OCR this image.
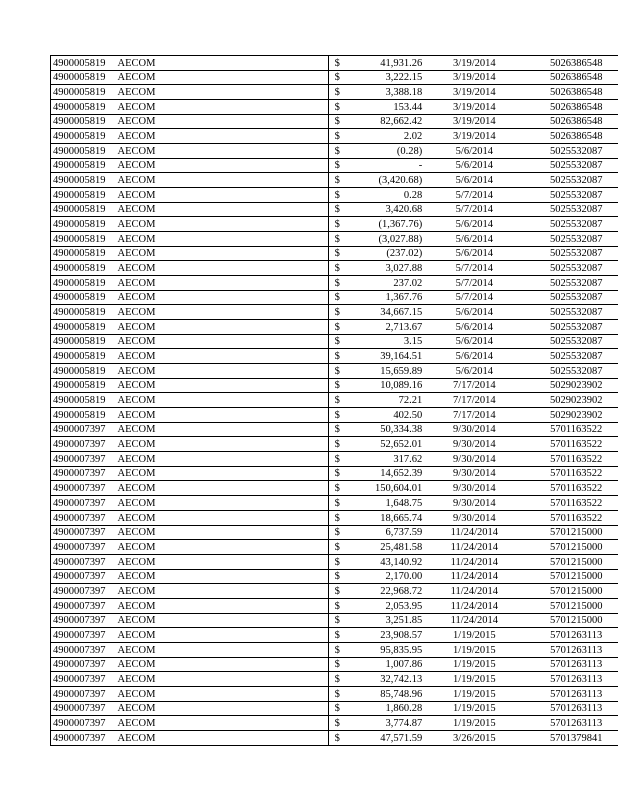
4900005819	AECOM	$	41,931.26	3/19/2014	5026386548
4900005819	AECOM	$	3,222.15	3/19/2014	5026386548
4900005819	AECOM	$	3,388.18	3/19/2014	5026386548
4900005819	AECOM	$	153.44	3/19/2014	5026386548
4900005819	AECOM	$	82,662.42	3/19/2014	5026386548
4900005819	AECOM	$	2.02	3/19/2014	5026386548
4900005819	AECOM	$	(0.28)	5/6/2014	5025532087
4900005819	AECOM	$	-	5/6/2014	5025532087
4900005819	AECOM	$	(3,420.68)	5/6/2014	5025532087
4900005819	AECOM	$	0.28	5/7/2014	5025532087
4900005819	AECOM	$	3,420.68	5/7/2014	5025532087
4900005819	AECOM	$	(1,367.76)	5/6/2014	5025532087
4900005819	AECOM	$	(3,027.88)	5/6/2014	5025532087
4900005819	AECOM	$	(237.02)	5/6/2014	5025532087
4900005819	AECOM	$	3,027.88	5/7/2014	5025532087
4900005819	AECOM	$	237.02	5/7/2014	5025532087
4900005819	AECOM	$	1,367.76	5/7/2014	5025532087
4900005819	AECOM	$	34,667.15	5/6/2014	5025532087
4900005819	AECOM	$	2,713.67	5/6/2014	5025532087
4900005819	AECOM	$	3.15	5/6/2014	5025532087
4900005819	AECOM	$	39,164.51	5/6/2014	5025532087
4900005819	AECOM	$	15,659.89	5/6/2014	5025532087
4900005819	AECOM	$	10,089.16	7/17/2014	5029023902
4900005819	AECOM	$	72.21	7/17/2014	5029023902
4900005819	AECOM	$	402.50	7/17/2014	5029023902
4900007397	AECOM	$	50,334.38	9/30/2014	5701163522
4900007397	AECOM	$	52,652.01	9/30/2014	5701163522
4900007397	AECOM	$	317.62	9/30/2014	5701163522
4900007397	AECOM	$	14,652.39	9/30/2014	5701163522
4900007397	AECOM	$	150,604.01	9/30/2014	5701163522
4900007397	AECOM	$	1,648.75	9/30/2014	5701163522
4900007397	AECOM	$	18,665.74	9/30/2014	5701163522
4900007397	AECOM	$	6,737.59	11/24/2014	5701215000
4900007397	AECOM	$	25,481.58	11/24/2014	5701215000
4900007397	AECOM	$	43,140.92	11/24/2014	5701215000
4900007397	AECOM	$	2,170.00	11/24/2014	5701215000
4900007397	AECOM	$	22,968.72	11/24/2014	5701215000
4900007397	AECOM	$	2,053.95	11/24/2014	5701215000
4900007397	AECOM	$	3,251.85	11/24/2014	5701215000
4900007397	AECOM	$	23,908.57	1/19/2015	5701263113
4900007397	AECOM	$	95,835.95	1/19/2015	5701263113
4900007397	AECOM	$	1,007.86	1/19/2015	5701263113
4900007397	AECOM	$	32,742.13	1/19/2015	5701263113
4900007397	AECOM	$	85,748.96	1/19/2015	5701263113
4900007397	AECOM	$	1,860.28	1/19/2015	5701263113
4900007397	AECOM	$	3,774.87	1/19/2015	5701263113
4900007397	AECOM	$	47,571.59	3/26/2015	5701379841
